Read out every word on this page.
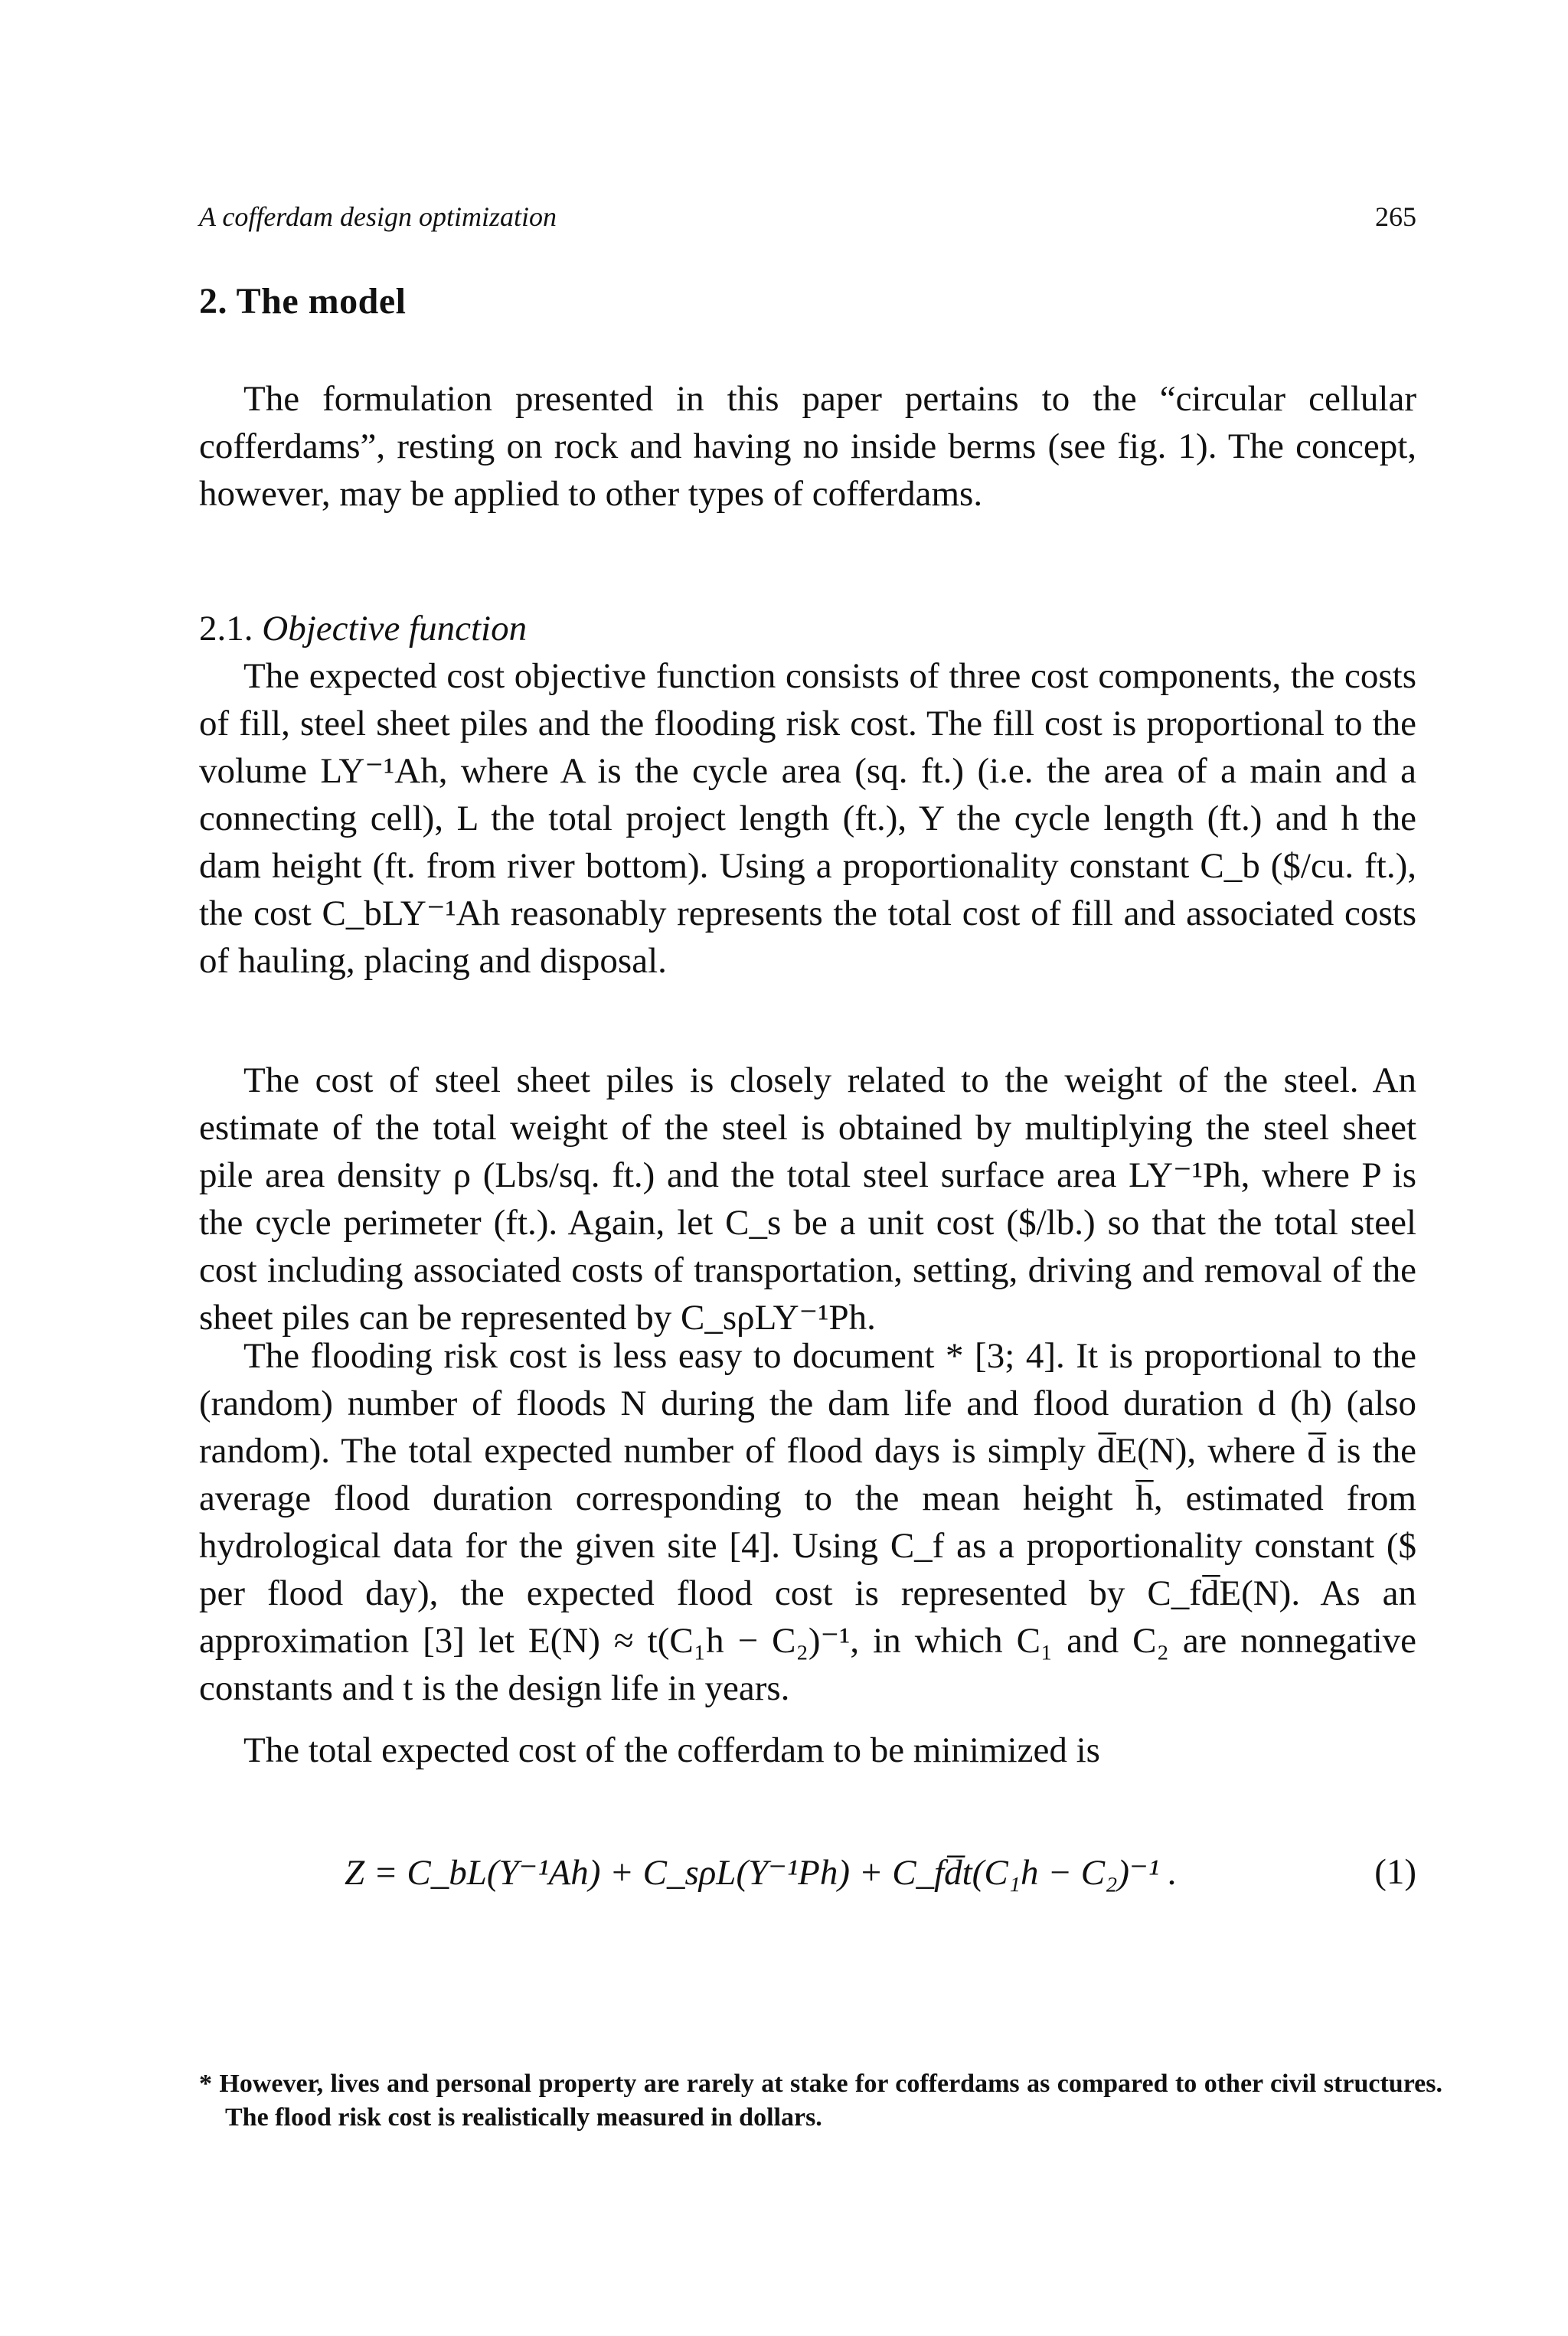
A cofferdam design optimization	265
2. The model

The formulation presented in this paper pertains to the “circular cellular cofferdams”, resting on rock and having no inside berms (see fig. 1). The concept, however, may be applied to other types of cofferdams.

2.1. Objective function
The expected cost objective function consists of three cost components, the costs of fill, steel sheet piles and the flooding risk cost. The fill cost is proportional to the volume LY⁻¹Ah, where A is the cycle area (sq. ft.) (i.e. the area of a main and a connecting cell), L the total project length (ft.), Y the cycle length (ft.) and h the dam height (ft. from river bottom). Using a proportionality constant C_b ($/cu. ft.), the cost C_bLY⁻¹Ah reasonably represents the total cost of fill and associated costs of hauling, placing and disposal.

The cost of steel sheet piles is closely related to the weight of the steel. An estimate of the total weight of the steel is obtained by multiplying the steel sheet pile area density ρ (Lbs/sq. ft.) and the total steel surface area LY⁻¹Ph, where P is the cycle perimeter (ft.). Again, let C_s be a unit cost ($/lb.) so that the total steel cost including associated costs of transportation, setting, driving and removal of the sheet piles can be represented by C_sρLY⁻¹Ph.

The flooding risk cost is less easy to document * [3; 4]. It is proportional to the (random) number of floods N during the dam life and flood duration d (h) (also random). The total expected number of flood days is simply d̅E(N), where d̅ is the average flood duration corresponding to the mean height h̅, estimated from hydrological data for the given site [4]. Using C_f as a proportionality constant ($ per flood day), the expected flood cost is represented by C_fd̅E(N). As an approximation [3] let E(N) ≈ t(C₁h − C₂)⁻¹, in which C₁ and C₂ are nonnegative constants and t is the design life in years.

The total expected cost of the cofferdam to be minimized is

Z = C_bL(Y⁻¹Ah) + C_sρL(Y⁻¹Ph) + C_fd̅t(C₁h − C₂)⁻¹ .	(1)

* However, lives and personal property are rarely at stake for cofferdams as compared to other civil structures. The flood risk cost is realistically measured in dollars.
